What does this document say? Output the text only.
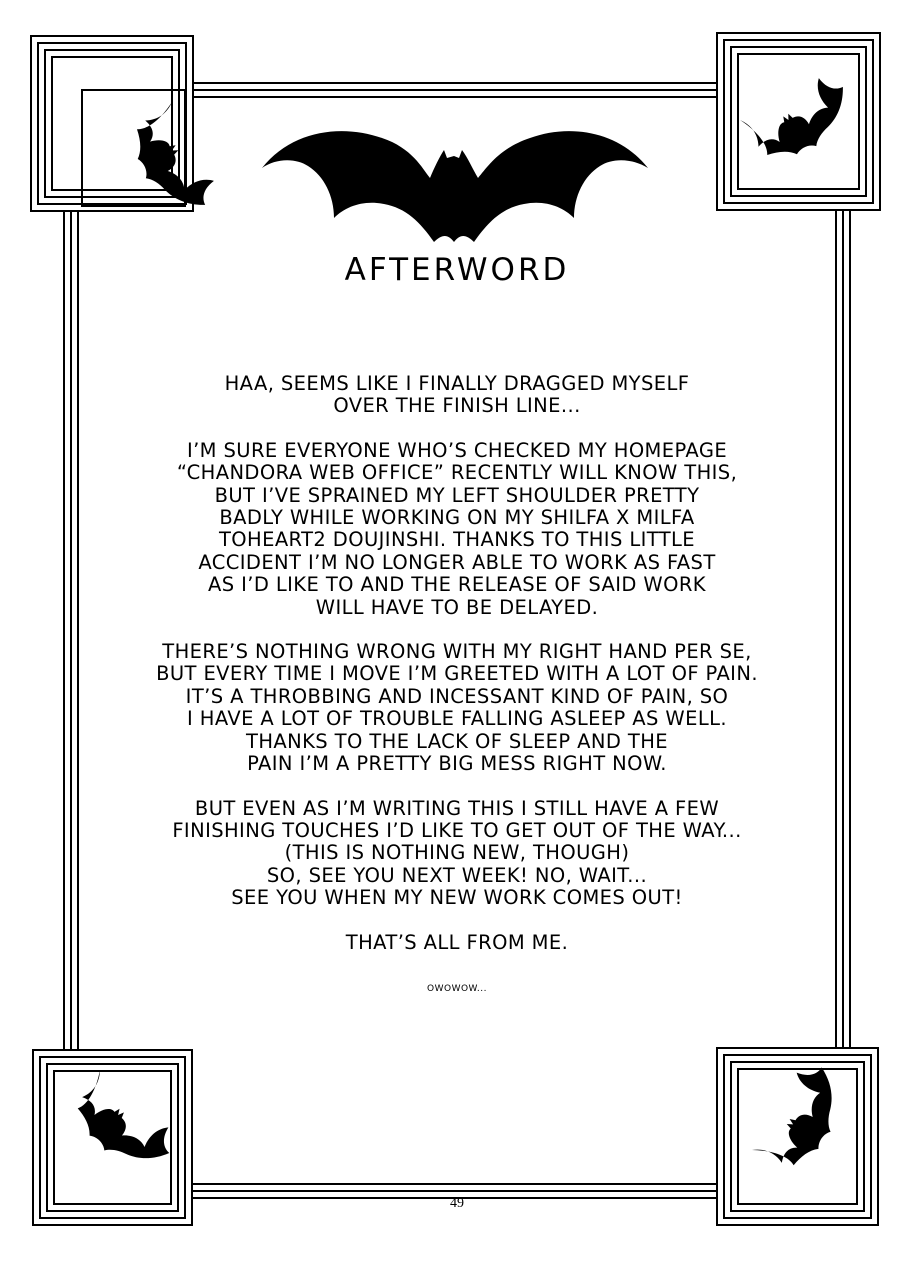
AFTERWORD

HAA, SEEMS LIKE I FINALLY DRAGGED MYSELF
OVER THE FINISH LINE...

I’M SURE EVERYONE WHO’S CHECKED MY HOMEPAGE
“CHANDORA WEB OFFICE” RECENTLY WILL KNOW THIS,
BUT I’VE SPRAINED MY LEFT SHOULDER PRETTY
BADLY WHILE WORKING ON MY SHILFA X MILFA
TOHEART2 DOUJINSHI. THANKS TO THIS LITTLE
ACCIDENT I’M NO LONGER ABLE TO WORK AS FAST
AS I’D LIKE TO AND THE RELEASE OF SAID WORK
WILL HAVE TO BE DELAYED.

THERE’S NOTHING WRONG WITH MY RIGHT HAND PER SE,
BUT EVERY TIME I MOVE I’M GREETED WITH A LOT OF PAIN.
IT’S A THROBBING AND INCESSANT KIND OF PAIN, SO
I HAVE A LOT OF TROUBLE FALLING ASLEEP AS WELL.
THANKS TO THE LACK OF SLEEP AND THE
PAIN I’M A PRETTY BIG MESS RIGHT NOW.

BUT EVEN AS I’M WRITING THIS I STILL HAVE A FEW
FINISHING TOUCHES I’D LIKE TO GET OUT OF THE WAY...
(THIS IS NOTHING NEW, THOUGH)
SO, SEE YOU NEXT WEEK! NO, WAIT...
SEE YOU WHEN MY NEW WORK COMES OUT!

THAT’S ALL FROM ME.

OWOWOW...
49
